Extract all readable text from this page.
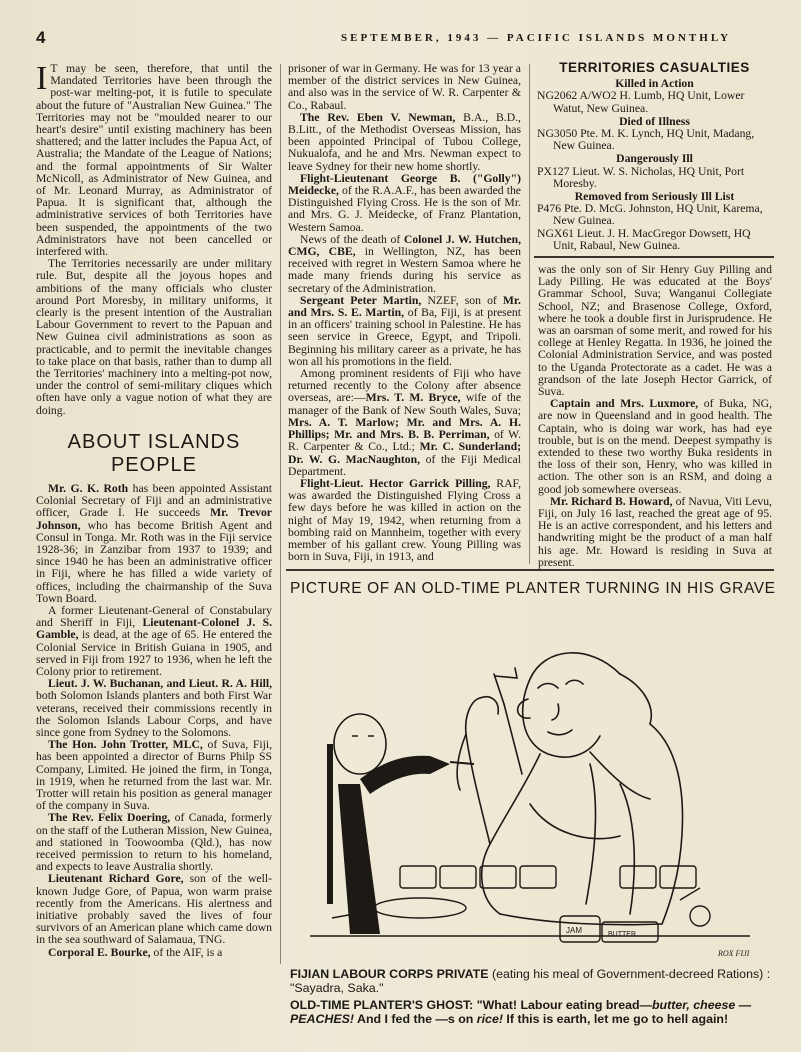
4	SEPTEMBER, 1943 — PACIFIC ISLANDS MONTHLY

I T may be seen, therefore, that until the Mandated Territories have been through the post-war melting-pot, it is futile to speculate about the future of "Australian New Guinea." The Territories may not be "moulded nearer to our heart's desire" until existing machinery has been shattered; and the latter includes the Papua Act, of Australia; the Mandate of the League of Nations; and the formal appointments of Sir Walter McNicoll, as Administrator of New Guinea, and of Mr. Leonard Murray, as Administrator of Papua. It is significant that, although the administrative services of both Territories have been suspended, the appointments of the two Administrators have not been cancelled or interfered with.

The Territories necessarily are under military rule. But, despite all the joyous hopes and ambitions of the many officials who cluster around Port Moresby, in military uniforms, it clearly is the present intention of the Australian Labour Government to revert to the Papuan and New Guinea civil administrations as soon as practicable, and to permit the inevitable changes to take place on that basis, rather than to dump all the Territories' machinery into a melting-pot now, under the control of semi-military cliques which often have only a vague notion of what they are doing.

ABOUT ISLANDS
PEOPLE

Mr. G. K. Roth has been appointed Assistant Colonial Secretary of Fiji and an administrative officer, Grade I. He succeeds Mr. Trevor Johnson, who has become British Agent and Consul in Tonga. Mr. Roth was in the Fiji service 1928-36; in Zanzibar from 1937 to 1939; and since 1940 he has been an administrative officer in Fiji, where he has filled a wide variety of offices, including the chairmanship of the Suva Town Board.

A former Lieutenant-General of Constabulary and Sheriff in Fiji, Lieutenant-Colonel J. S. Gamble, is dead, at the age of 65. He entered the Colonial Service in British Guiana in 1905, and served in Fiji from 1927 to 1936, when he left the Colony prior to retirement.

Lieut. J. W. Buchanan, and Lieut. R. A. Hill, both Solomon Islands planters and both First War veterans, received their commissions recently in the Solomon Islands Labour Corps, and have since gone from Sydney to the Solomons.

The Hon. John Trotter, MLC, of Suva, Fiji, has been appointed a director of Burns Philp SS Company, Limited. He joined the firm, in Tonga, in 1919, when he returned from the last war. Mr. Trotter will retain his position as general manager of the company in Suva.

The Rev. Felix Doering, of Canada, formerly on the staff of the Lutheran Mission, New Guinea, and stationed in Toowoomba (Qld.), has now received permission to return to his homeland, and expects to leave Australia shortly.

Lieutenant Richard Gore, son of the well-known Judge Gore, of Papua, won warm praise recently from the Americans. His alertness and initiative probably saved the lives of four survivors of an American plane which came down in the sea southward of Salamaua, TNG.

Corporal E. Bourke, of the AIF, is a

prisoner of war in Germany. He was for 13 year a member of the district services in New Guinea, and also was in the service of W. R. Carpenter & Co., Rabaul.

The Rev. Eben V. Newman, B.A., B.D., B.Litt., of the Methodist Overseas Mission, has been appointed Principal of Tubou College, Nukualofa, and he and Mrs. Newman expect to leave Sydney for their new home shortly.

Flight-Lieutenant George B. ("Golly") Meidecke, of the R.A.A.F., has been awarded the Distinguished Flying Cross. He is the son of Mr. and Mrs. G. J. Meidecke, of Franz Plantation, Western Samoa.

News of the death of Colonel J. W. Hutchen, CMG, CBE, in Wellington, NZ, has been received with regret in Western Samoa where he made many friends during his service as secretary of the Administration.

Sergeant Peter Martin, NZEF, son of Mr. and Mrs. S. E. Martin, of Ba, Fiji, is at present in an officers' training school in Palestine. He has seen service in Greece, Egypt, and Tripoli. Beginning his military career as a private, he has won all his promotions in the field.

Among prominent residents of Fiji who have returned recently to the Colony after absence overseas, are:—Mrs. T. M. Bryce, wife of the manager of the Bank of New South Wales, Suva; Mrs. A. T. Marlow; Mr. and Mrs. A. H. Phillips; Mr. and Mrs. B. B. Perriman, of W. R. Carpenter & Co., Ltd.; Mr. C. Sunderland; Dr. W. G. MacNaughton, of the Fiji Medical Department.

Flight-Lieut. Hector Garrick Pilling, RAF, was awarded the Distinguished Flying Cross a few days before he was killed in action on the night of May 19, 1942, when returning from a bombing raid on Mannheim, together with every member of his gallant crew. Young Pilling was born in Suva, Fiji, in 1913, and

TERRITORIES CASUALTIES
Killed in Action
NG2062 A/WO2 H. Lumb, HQ Unit, Lower Watut, New Guinea.
Died of Illness
NG3050 Pte. M. K. Lynch, HQ Unit, Madang, New Guinea.
Dangerously Ill
PX127 Lieut. W. S. Nicholas, HQ Unit, Port Moresby.
Removed from Seriously Ill List
P476 Pte. D. McG. Johnston, HQ Unit, Karema, New Guinea.
NGX61 Lieut. J. H. MacGregor Dowsett, HQ Unit, Rabaul, New Guinea.

was the only son of Sir Henry Guy Pilling and Lady Pilling. He was educated at the Boys' Grammar School, Suva; Wanganui Collegiate School, NZ; and Brasenose College, Oxford, where he took a double first in Jurisprudence. He was an oarsman of some merit, and rowed for his college at Henley Regatta. In 1936, he joined the Colonial Administration Service, and was posted to the Uganda Protectorate as a cadet. He was a grandson of the late Joseph Hector Garrick, of Suva.

Captain and Mrs. Luxmore, of Buka, NG, are now in Queensland and in good health. The Captain, who is doing war work, has had eye trouble, but is on the mend. Deepest sympathy is extended to these two worthy Buka residents in the loss of their son, Henry, who was killed in action. The other son is an RSM, and doing a good job somewhere overseas.

Mr. Richard B. Howard, of Navua, Viti Levu, Fiji, on July 16 last, reached the great age of 95. He is an active correspondent, and his letters and handwriting might be the product of a man half his age. Mr. Howard is residing in Suva at present.

PICTURE OF AN OLD-TIME PLANTER TURNING IN HIS GRAVE
JAM	BUTTER
ROX FIJI

FIJIAN LABOUR CORPS PRIVATE (eating his meal of Government-decreed Rations) : "Sayadra, Saka."

OLD-TIME PLANTER'S GHOST: "What! Labour eating bread—butter, cheese —PEACHES! And I fed the —s on rice! If this is earth, let me go to hell again!
